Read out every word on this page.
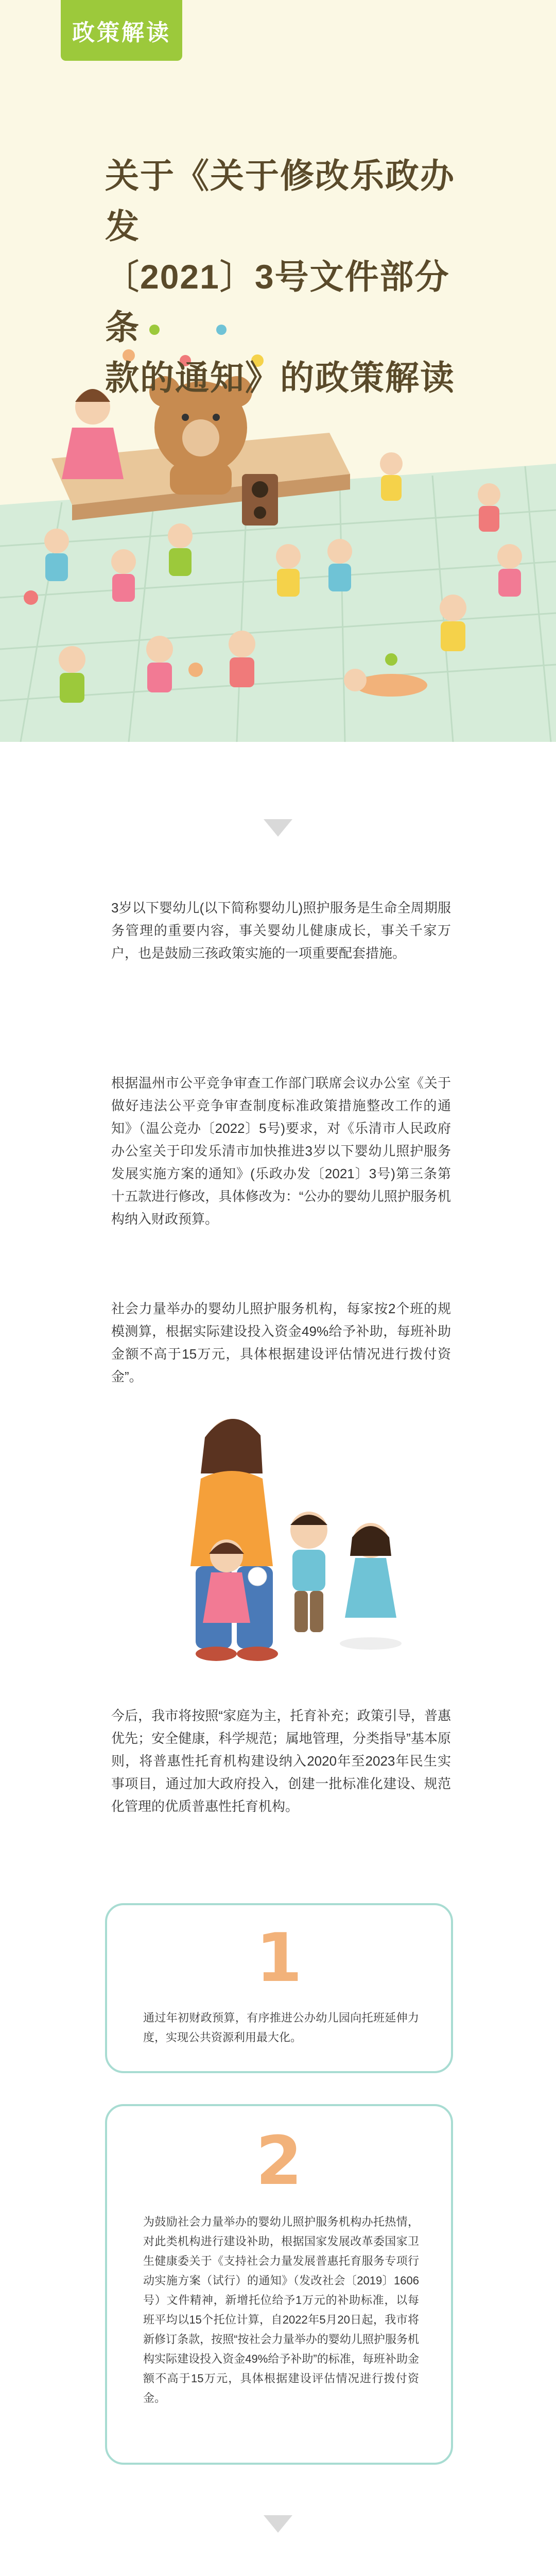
政策解读
关于《关于修改乐政办发
〔2021〕3号文件部分条
款的通知》的政策解读
3岁以下婴幼儿(以下简称婴幼儿)照护服务是生命全周期服务管理的重要内容，事关婴幼儿健康成长，事关千家万户，也是鼓励三孩政策实施的一项重要配套措施。
根据温州市公平竞争审查工作部门联席会议办公室《关于做好违法公平竞争审查制度标准政策措施整改工作的通知》（温公竞办〔2022〕5号)要求，对《乐清市人民政府办公室关于印发乐清市加快推进3岁以下婴幼儿照护服务发展实施方案的通知》(乐政办发〔2021〕3号)第三条第十五款进行修改，具体修改为：“公办的婴幼儿照护服务机构纳入财政预算。
社会力量举办的婴幼儿照护服务机构，每家按2个班的规模测算，根据实际建设投入资金49%给予补助，每班补助金额不高于15万元，具体根据建设评估情况进行拨付资金”。
今后，我市将按照“家庭为主，托育补充；政策引导，普惠优先；安全健康，科学规范；属地管理，分类指导”基本原则，将普惠性托育机构建设纳入2020年至2023年民生实事项目，通过加大政府投入，创建一批标准化建设、规范化管理的优质普惠性托育机构。
1
通过年初财政预算，有序推进公办幼儿园向托班延伸力度，实现公共资源利用最大化。
2
为鼓励社会力量举办的婴幼儿照护服务机构办托热情，对此类机构进行建设补助，根据国家发展改革委国家卫生健康委关于《支持社会力量发展普惠托育服务专项行动实施方案（试行）的通知》（发改社会〔2019〕1606号）文件精神，新增托位给予1万元的补助标准，以每班平均以15个托位计算，自2022年5月20日起，我市将新修订条款，按照“按社会力量举办的婴幼儿照护服务机构实际建设投入资金49%给予补助”的标准，每班补助金额不高于15万元，具体根据建设评估情况进行拨付资金。
